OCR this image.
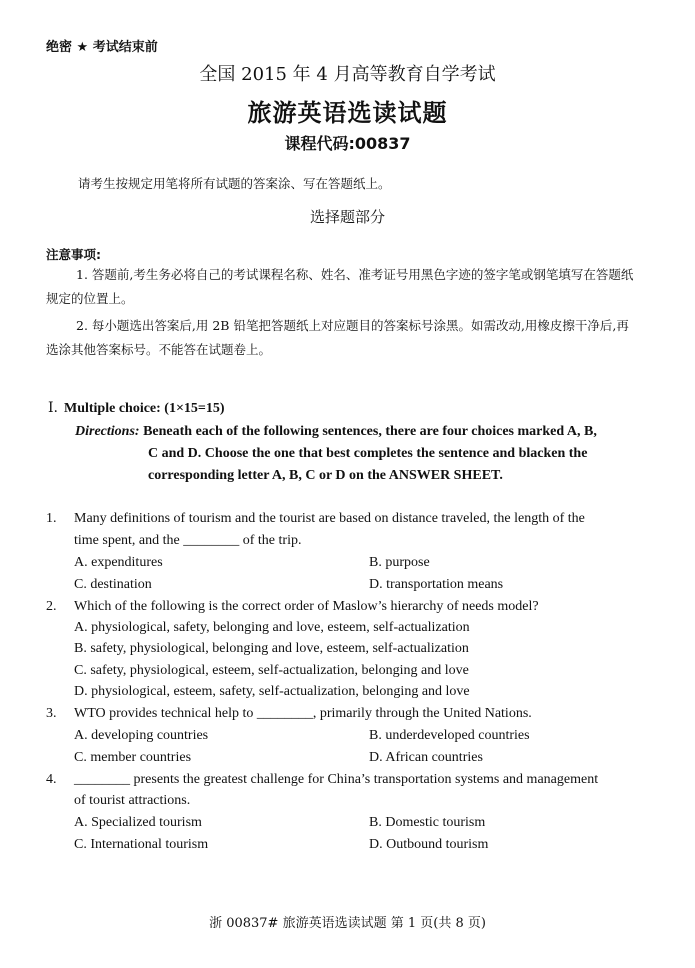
绝密 ★ 考试结束前
全国 2015 年 4 月高等教育自学考试
旅游英语选读试题
课程代码:00837
请考生按规定用笔将所有试题的答案涂、写在答题纸上。
选择题部分
注意事项:
1. 答题前,考生务必将自己的考试课程名称、姓名、准考证号用黑色字迹的签字笔或钢笔填写在答题纸规定的位置上。
2. 每小题选出答案后,用 2B 铅笔把答题纸上对应题目的答案标号涂黑。如需改动,用橡皮擦干净后,再选涂其他答案标号。不能答在试题卷上。
Ⅰ. Multiple choice: (1×15=15)
Directions: Beneath each of the following sentences, there are four choices marked A, B,
C and D. Choose the one that best completes the sentence and blacken the
corresponding letter A, B, C or D on the ANSWER SHEET.
1. Many definitions of tourism and the tourist are based on distance traveled, the length of the
time spent, and the ________ of the trip.
A. expenditures	B. purpose
C. destination	D. transportation means
2. Which of the following is the correct order of Maslow’s hierarchy of needs model?
A. physiological, safety, belonging and love, esteem, self-actualization
B. safety, physiological, belonging and love, esteem, self-actualization
C. safety, physiological, esteem, self-actualization, belonging and love
D. physiological, esteem, safety, self-actualization, belonging and love
3. WTO provides technical help to ________, primarily through the United Nations.
A. developing countries	B. underdeveloped countries
C. member countries	D. African countries
4. ________ presents the greatest challenge for China’s transportation systems and management
of tourist attractions.
A. Specialized tourism	B. Domestic tourism
C. International tourism	D. Outbound tourism
浙 00837# 旅游英语选读试题 第 1 页(共 8 页)
